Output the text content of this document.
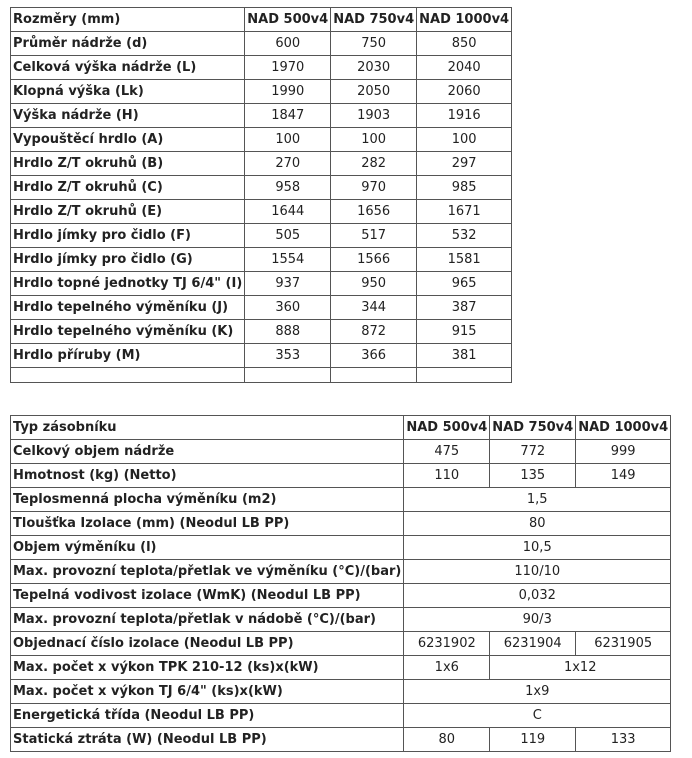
Rozměry (mm)	NAD 500v4	NAD 750v4	NAD 1000v4
Průměr nádrže (d)	600	750	850
Celková výška nádrže (L)	1970	2030	2040
Klopná výška (Lk)	1990	2050	2060
Výška nádrže (H)	1847	1903	1916
Vypouštěcí hrdlo (A)	100	100	100
Hrdlo Z/T okruhů (B)	270	282	297
Hrdlo Z/T okruhů (C)	958	970	985
Hrdlo Z/T okruhů (E)	1644	1656	1671
Hrdlo jímky pro čidlo (F)	505	517	532
Hrdlo jímky pro čidlo (G)	1554	1566	1581
Hrdlo topné jednotky TJ 6/4" (I)	937	950	965
Hrdlo tepelného výměníku (J)	360	344	387
Hrdlo tepelného výměníku (K)	888	872	915
Hrdlo příruby (M)	353	366	381

Typ zásobníku	NAD 500v4	NAD 750v4	NAD 1000v4
Celkový objem nádrže	475	772	999
Hmotnost (kg) (Netto)	110	135	149
Teplosmenná plocha výměníku (m2)	1,5		
Tloušťka Izolace (mm) (Neodul LB PP)	80		
Objem výměníku (l)	10,5		
Max. provozní teplota/přetlak ve výměníku (°C)/(bar)	110/10		
Tepelná vodivost izolace (WmK) (Neodul LB PP)	0,032		
Max. provozní teplota/přetlak v nádobě (°C)/(bar)	90/3		
Objednací číslo izolace (Neodul LB PP)	6231902	6231904	6231905
Max. počet x výkon TPK 210-12 (ks)x(kW)	1x6	1x12	
Max. počet x výkon TJ 6/4" (ks)x(kW)	1x9		
Energetická třída (Neodul LB PP)	C		
Statická ztráta (W) (Neodul LB PP)	80	119	133
